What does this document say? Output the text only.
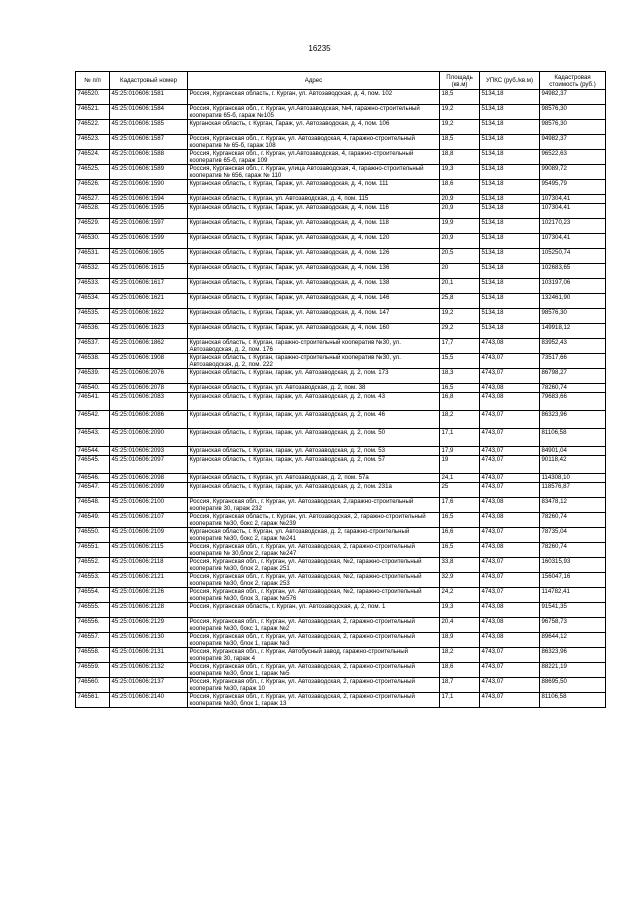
16235
№ п/п	Кадастровый номер	Адрес	Площадь (кв.м)	УПКС (руб./кв.м)	Кадастровая стоимость (руб.)
746520.	45:25:010606:1581	Россия, Курганская область, г. Курган, ул. Автозаводская, д. 4, пом. 102	18,5	5134,18	94982,37
746521.	45:25:010606:1584	Россия, Курганская обл., г. Курган, ул.Автозаводская, №4, гаражно-строительный кооператив 65-б, гараж №105	19,2	5134,18	98576,30
746522.	45:25:010606:1585	Курганская область, г. Курган, Гараж, ул. Автозаводская, д. 4, пом. 106	19,2	5134,18	98576,30
746523.	45:25:010606:1587	Россия, Курганская обл., г. Курган, ул. Автозаводская, 4, гаражно-строительный кооператив № 65-б, гараж 108	18,5	5134,18	94982,37
746524.	45:25:010606:1588	Россия, Курганская обл., г. Курган, ул.Автозаводская, 4, гаражно-строительный кооператив 65-б, гараж 109	18,8	5134,18	96522,63
746525.	45:25:010606:1589	Россия, Курганская обл., г. Курган, улица Автозаводская, 4, гаражно-строительный кооператив № 656, гараж № 110	19,3	5134,18	99089,72
746526.	45:25:010606:1590	Курганская область, г. Курган, Гараж, ул. Автозаводская, д. 4, пом. 111	18,6	5134,18	95495,79
746527.	45:25:010606:1594	Курганская область, г. Курган, ул. Автозаводская, д. 4, пом. 115	20,9	5134,18	107304,41
746528.	45:25:010606:1595	Курганская область, г. Курган, Гараж, ул. Автозаводская, д. 4, пом. 116	20,9	5134,18	107304,41
746529.	45:25:010606:1597	Курганская область, г. Курган, Гараж, ул. Автозаводская, д. 4, пом. 118	19,9	5134,18	102170,23
746530.	45:25:010606:1599	Курганская область, г. Курган, Гараж, ул. Автозаводская, д. 4, пом. 120	20,9	5134,18	107304,41
746531.	45:25:010606:1605	Курганская область, г. Курган, Гараж, ул. Автозаводская, д. 4, пом. 126	20,5	5134,18	105250,74
746532.	45:25:010606:1615	Курганская область, г. Курган, Гараж, ул. Автозаводская, д. 4, пом. 136	20	5134,18	102683,65
746533.	45:25:010606:1617	Курганская область, г. Курган, Гараж, ул. Автозаводская, д. 4, пом. 138	20,1	5134,18	103197,06
746534.	45:25:010606:1621	Курганская область, г. Курган, Гараж, ул. Автозаводская, д. 4, пом. 146	25,8	5134,18	132461,90
746535.	45:25:010606:1622	Курганская область, г. Курган, Гараж, ул. Автозаводская, д. 4, пом. 147	19,2	5134,18	98576,30
746536.	45:25:010606:1623	Курганская область, г. Курган, Гараж, ул. Автозаводская, д. 4, пом. 160	29,2	5134,18	149918,12
746537.	45:25:010606:1862	Курганская область, г. Курган, гаражно-строительный кооператив №30, ул. Автозаводская, д. 2, пом. 176	17,7	4743,08	83952,43
746538.	45:25:010606:1908	Курганская область, г. Курган, гаражно-строительный кооператив №30, ул. Автозаводская, д. 2, пом. 222	15,5	4743,07	73517,66
746539.	45:25:010606:2076	Курганская область, г. Курган, гараж, ул. Автозаводская, д. 2, пом. 173	18,3	4743,07	86798,27
746540.	45:25:010606:2078	Курганская область, г. Курган, ул. Автозаводская, д. 2, пом. 38	16,5	4743,08	78260,74
746541.	45:25:010606:2083	Курганская область, г. Курган, гараж, ул. Автозаводская, д. 2, пом. 43	16,8	4743,08	79683,66
746542.	45:25:010606:2086	Курганская область, г. Курган, гараж, ул. Автозаводская, д. 2, пом. 46	18,2	4743,07	86323,96
746543.	45:25:010606:2090	Курганская область, г. Курган, гараж, ул. Автозаводская, д. 2, пом. 50	17,1	4743,07	81106,58
746544.	45:25:010606:2093	Курганская область, г. Курган, гараж, ул. Автозаводская, д. 2, пом. 53	17,9	4743,07	84901,04
746545.	45:25:010606:2097	Курганская область, г. Курган, гараж, ул. Автозаводская, д. 2, пом. 57	19	4743,07	90118,42
746546.	45:25:010606:2098	Курганская область, г. Курган, ул. Автозаводская, д. 2, пом. 57а	24,1	4743,07	114308,10
746547.	45:25:010606:2099	Курганская область, г. Курган, гараж, ул. Автозаводская, д. 2, пом. 231а	25	4743,07	118576,87
746548.	45:25:010606:2100	Россия, Курганская обл., г. Курган, ул. Автозаводская, 2,гаражно-строительный кооператив 30, гараж 232	17,6	4743,08	83478,12
746549.	45:25:010606:2107	Россия, Курганская область, г. Курган, ул. Автозаводская, 2, гаражно-строительный кооператив №30, бокс 2, гараж №239	16,5	4743,08	78260,74
746550.	45:25:010606:2109	Курганская область, г. Курган, ул. Автозаводская, д. 2, гаражно-строительный кооператив №30, бокс 2, гараж №241	16,6	4743,07	78735,04
746551.	45:25:010606:2115	Россия, Курганская обл., г. Курган, ул. Автозаводская, 2, гаражно-строительный кооператив № 30,блок 2, гараж №247	16,5	4743,08	78260,74
746552.	45:25:010606:2118	Россия, Курганская обл., г. Курган, ул. Автозаводская, №2, гаражно-строительный кооператив №30, блок 2, гараж 251	33,8	4743,07	160315,93
746553.	45:25:010606:2121	Россия, Курганская обл., г. Курган, ул. Автозаводская, №2, гаражно-строительный кооператив №30, блок 2, гараж 253	32,9	4743,07	156047,16
746554.	45:25:010606:2126	Россия, Курганская обл., г. Курган, ул. Автозаводская, №2, гаражно-строительный кооператив №30, блок 3, гараж №576	24,2	4743,07	114782,41
746555.	45:25:010606:2128	Россия, Курганская область, г. Курган, ул. Автозаводская, д. 2, пом. 1	19,3	4743,08	91541,35
746556.	45:25:010606:2129	Россия, Курганская обл., г. Курган, ул. Автозаводская, 2, гаражно-строительный кооператив №30, бокс 1, гараж №2	20,4	4743,08	96758,73
746557.	45:25:010606:2130	Россия, Курганская обл., г. Курган, ул. Автозаводская, 2, гаражно-строительный кооператив №30, блок 1, гараж №3	18,9	4743,08	89644,12
746558.	45:25:010606:2131	Россия, Курганская обл., г. Курган, Автобусный завод, гаражно-строительный кооператив 30, гараж 4	18,2	4743,07	86323,96
746559.	45:25:010606:2132	Россия, Курганская обл., г. Курган, ул. Автозаводская, 2, гаражно-строительный кооператив №30, блок 1, гараж №5	18,6	4743,07	88221,19
746560.	45:25:010606:2137	Россия, Курганская обл., г. Курган, ул. Автозаводская, 2, гаражно-строительный кооператив №30, гараж 10	18,7	4743,07	88695,50
746561.	45:25:010606:2140	Россия, Курганская обл., г. Курган, ул. Автозаводская, 2, гаражно-строительный кооператив №30, блок 1, гараж 13	17,1	4743,07	81106,58
